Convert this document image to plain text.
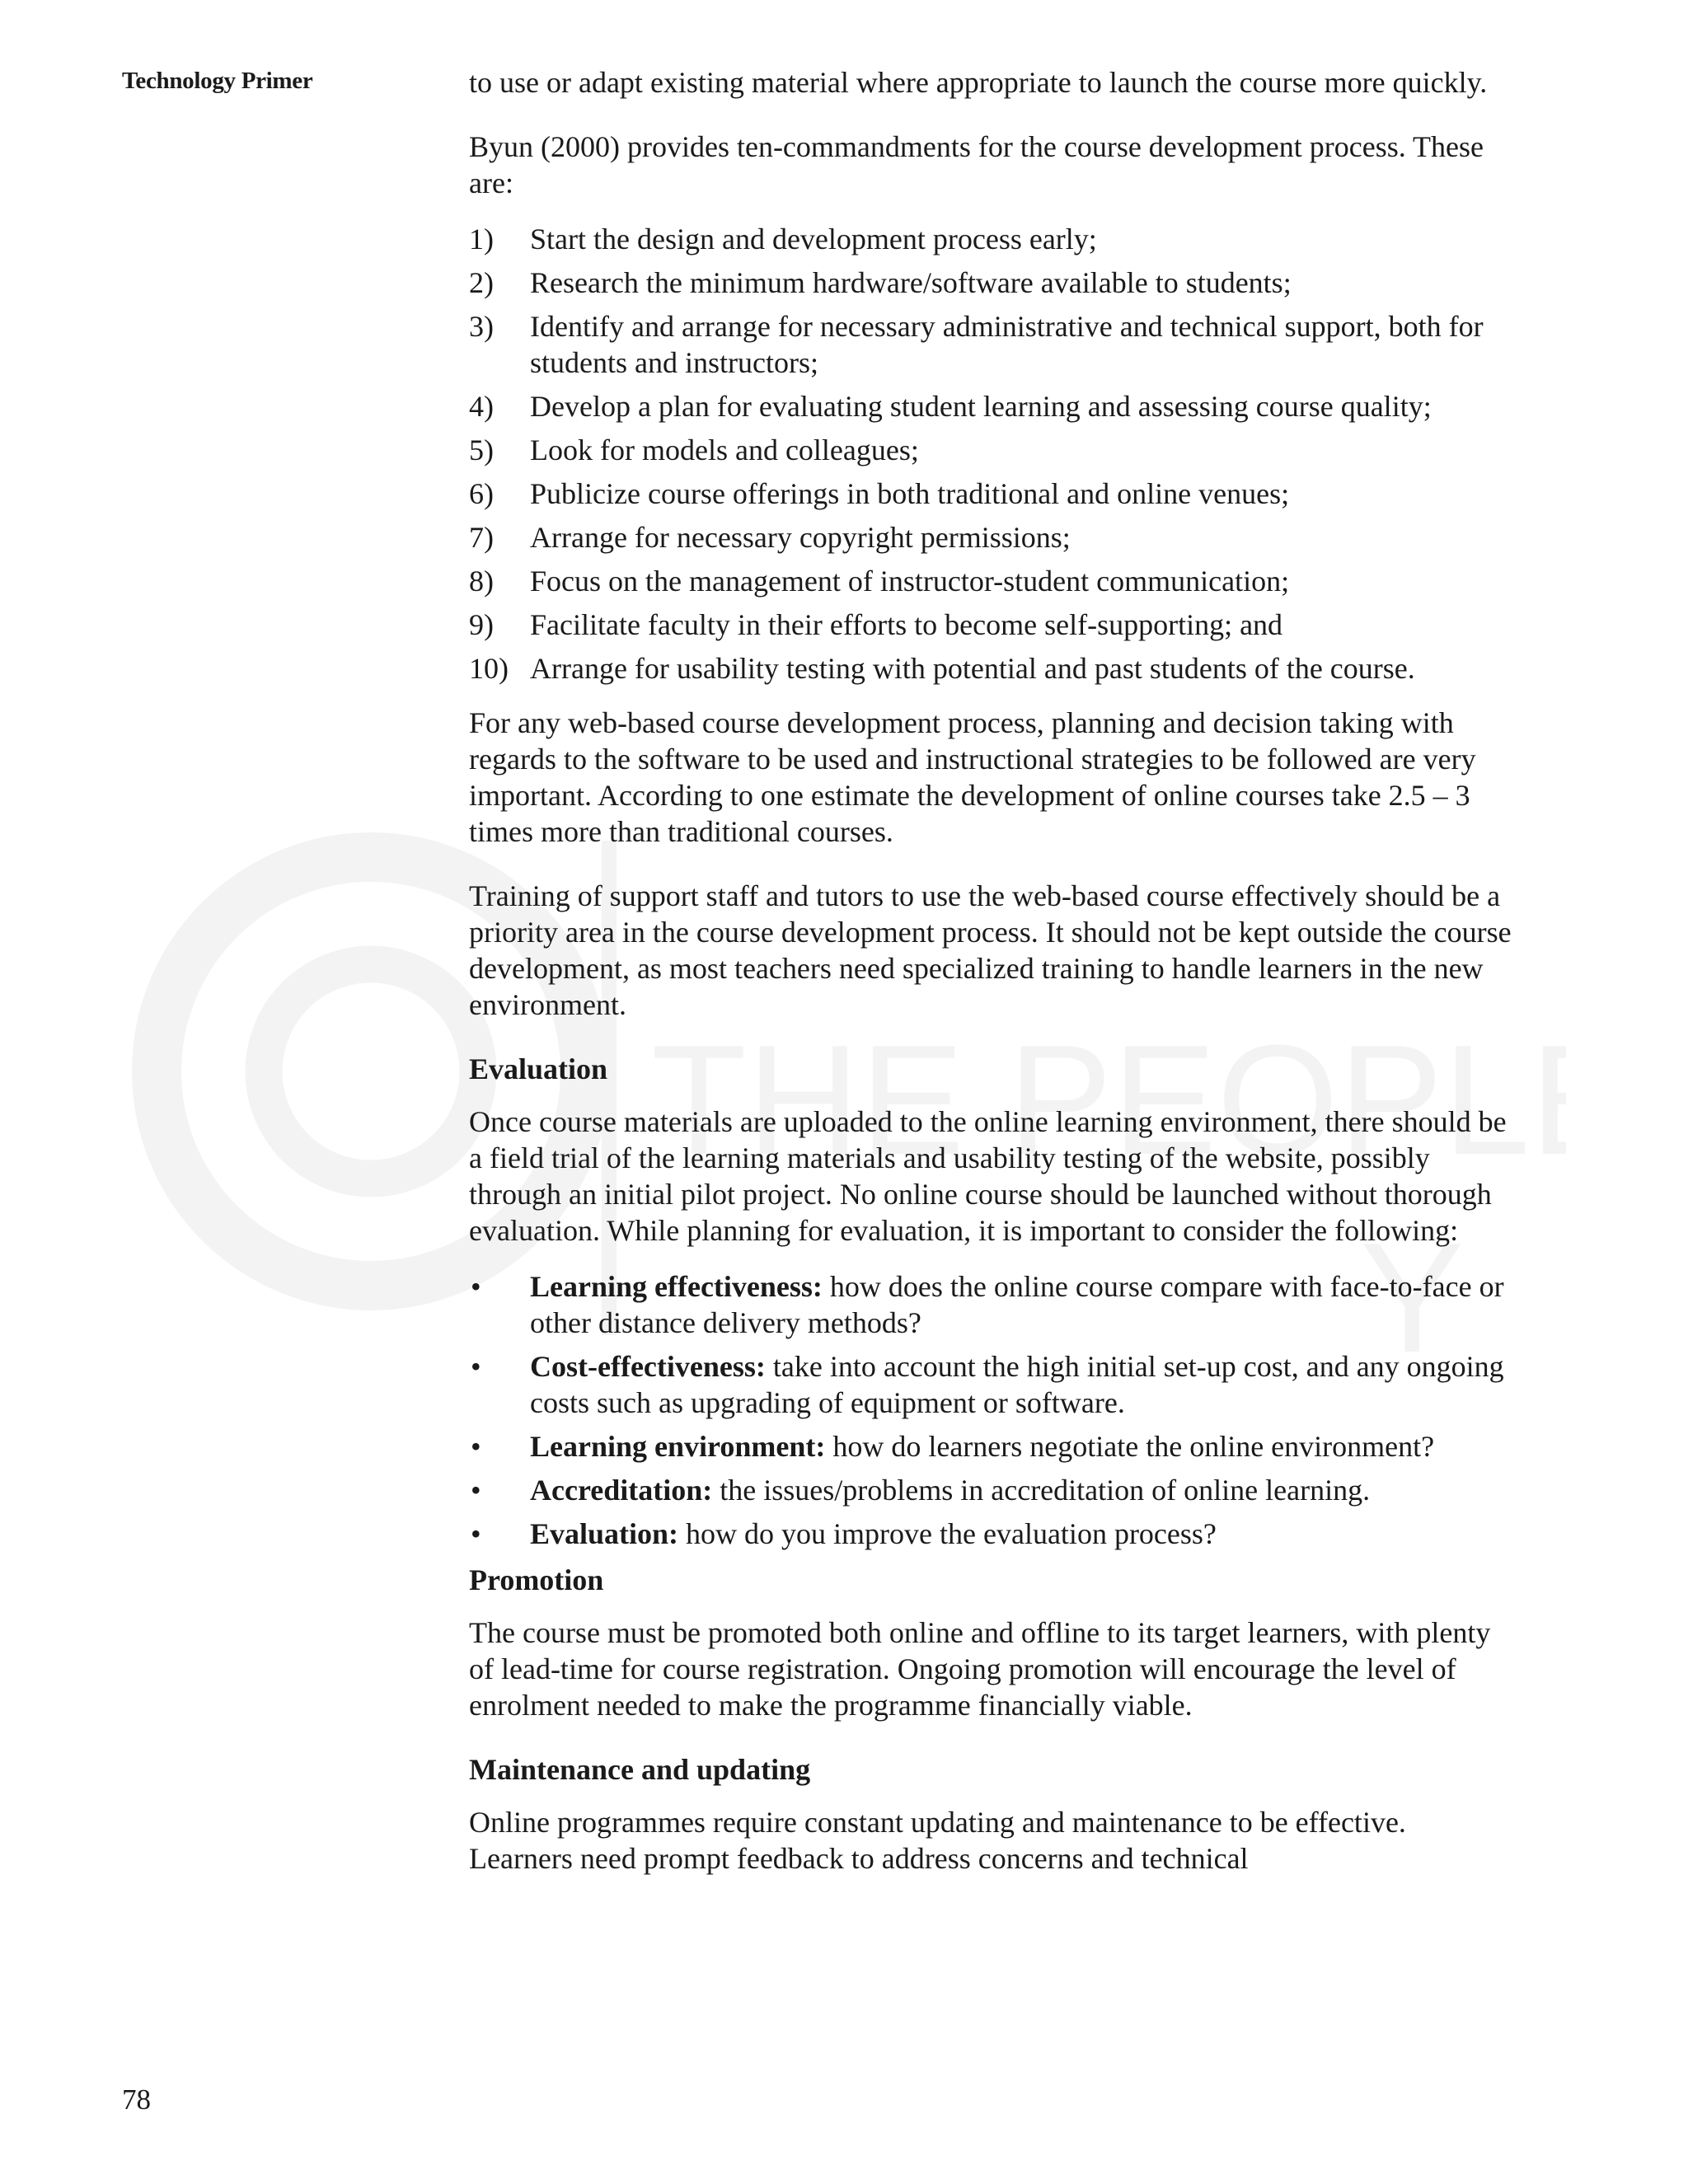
Technology Primer	to use or adapt existing material where appropriate to launch the course more quickly.

Byun (2000) provides ten-commandments for the course development process. These are:

1) Start the design and development process early;
2) Research the minimum hardware/software available to students;
3) Identify and arrange for necessary administrative and technical support, both for students and instructors;
4) Develop a plan for evaluating student learning and assessing course quality;
5) Look for models and colleagues;
6) Publicize course offerings in both traditional and online venues;
7) Arrange for necessary copyright permissions;
8) Focus on the management of instructor-student communication;
9) Facilitate faculty in their efforts to become self-supporting; and
10) Arrange for usability testing with potential and past students of the course.

For any web-based course development process, planning and decision taking with regards to the software to be used and instructional strategies to be followed are very important. According to one estimate the development of online courses take 2.5 – 3 times more than traditional courses.

Training of support staff and tutors to use the web-based course effectively should be a priority area in the course development process. It should not be kept outside the course development, as most teachers need specialized training to handle learners in the new environment.

Evaluation

Once course materials are uploaded to the online learning environment, there should be a field trial of the learning materials and usability testing of the website, possibly through an initial pilot project. No online course should be launched without thorough evaluation. While planning for evaluation, it is important to consider the following:

• Learning effectiveness: how does the online course compare with face-to-face or other distance delivery methods?
• Cost-effectiveness: take into account the high initial set-up cost, and any ongoing costs such as upgrading of equipment or software.
• Learning environment: how do learners negotiate the online environment?
• Accreditation: the issues/problems in accreditation of online learning.
• Evaluation: how do you improve the evaluation process?
Promotion

The course must be promoted both online and offline to its target learners, with plenty of lead-time for course registration. Ongoing promotion will encourage the level of enrolment needed to make the programme financially viable.

Maintenance and updating

Online programmes require constant updating and maintenance to be effective. Learners need prompt feedback to address concerns and technical

78
